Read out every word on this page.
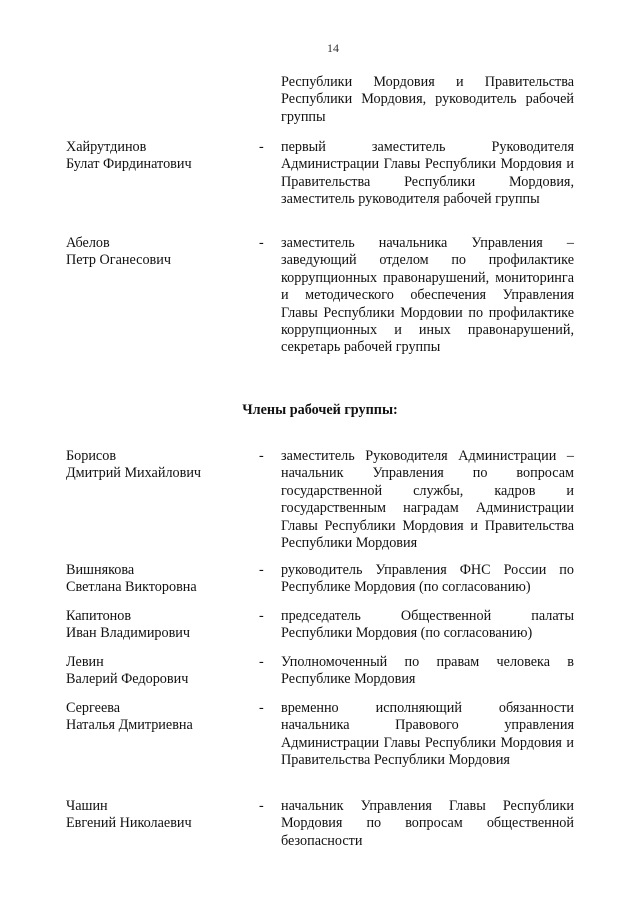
14
Республики Мордовия и Правительства Республики Мордовия, руководитель рабочей группы
Хайрутдинов
Булат Фирдинатович
- первый заместитель Руководителя Администрации Главы Республики Мордовия и Правительства Республики Мордовия, заместитель руководителя рабочей группы
Абелов
Петр Оганесович
- заместитель начальника Управления – заведующий отделом по профилактике коррупционных правонарушений, мониторинга и методического обеспечения Управления Главы Республики Мордовии по профилактике коррупционных и иных правонарушений, секретарь рабочей группы
Члены рабочей группы:
Борисов
Дмитрий Михайлович
- заместитель Руководителя Администрации – начальник Управления по вопросам государственной службы, кадров и государственным наградам Администрации Главы Республики Мордовия и Правительства Республики Мордовия
Вишнякова
Светлана Викторовна
- руководитель Управления ФНС России по Республике Мордовия (по согласованию)
Капитонов
Иван Владимирович
- председатель Общественной палаты Республики Мордовия (по согласованию)
Левин
Валерий Федорович
- Уполномоченный по правам человека в Республике Мордовия
Сергеева
Наталья Дмитриевна
- временно исполняющий обязанности начальника Правового управления Администрации Главы Республики Мордовия и Правительства Республики Мордовия
Чашин
Евгений Николаевич
- начальник Управления Главы Республики Мордовия по вопросам общественной безопасности
